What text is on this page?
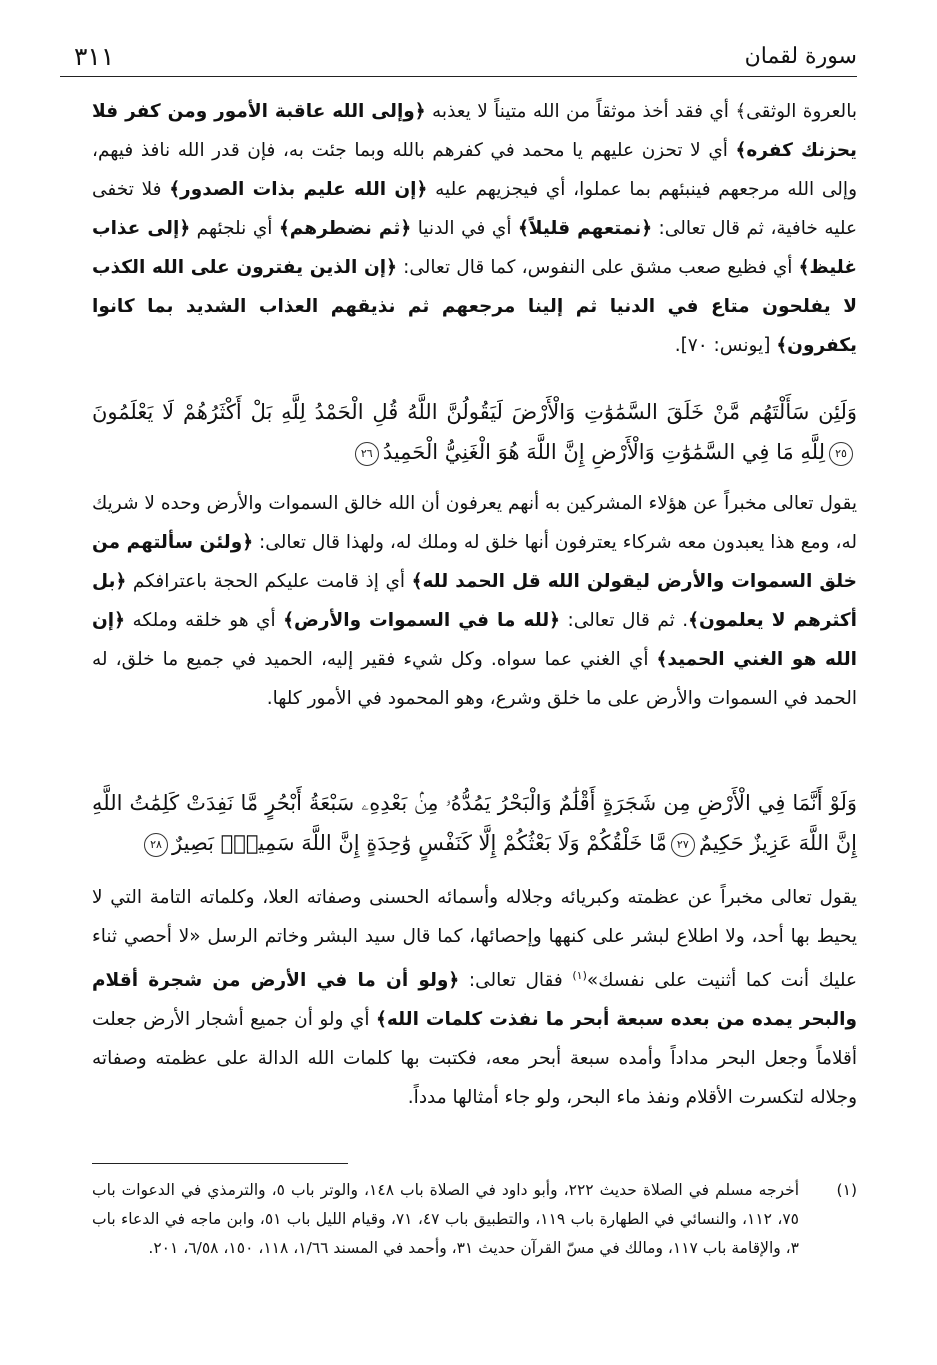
سورة لقمان
٣١١

بالعروة الوثقى﴾ أي فقد أخذ موثقاً من الله متيناً لا يعذبه ﴿وإلى الله عاقبة الأمور ومن كفر فلا يحزنك كفره﴾ أي لا تحزن عليهم يا محمد في كفرهم بالله وبما جئت به، فإن قدر الله نافذ فيهم، وإلى الله مرجعهم فينبئهم بما عملوا، أي فيجزيهم عليه ﴿إن الله عليم بذات الصدور﴾ فلا تخفى عليه خافية، ثم قال تعالى: ﴿نمتعهم قليلاً﴾ أي في الدنيا ﴿ثم نضطرهم﴾ أي نلجئهم ﴿إلى عذاب غليظ﴾ أي فظيع صعب مشق على النفوس، كما قال تعالى: ﴿إن الذين يفترون على الله الكذب لا يفلحون متاع في الدنيا ثم إلينا مرجعهم ثم نذيقهم العذاب الشديد بما كانوا يكفرون﴾ [يونس: ٧٠].

وَلَئِن سَأَلْتَهُم مَّنْ خَلَقَ السَّمَٰوَٰتِ وَالْأَرْضَ لَيَقُولُنَّ اللَّهُ قُلِ الْحَمْدُ لِلَّهِ بَلْ أَكْثَرُهُمْ لَا يَعْلَمُونَ٢٥لِلَّهِ مَا فِي السَّمَٰوَٰتِ وَالْأَرْضِ إِنَّ اللَّهَ هُوَ الْغَنِيُّ الْحَمِيدُ٢٦

يقول تعالى مخبراً عن هؤلاء المشركين به أنهم يعرفون أن الله خالق السموات والأرض وحده لا شريك له، ومع هذا يعبدون معه شركاء يعترفون أنها خلق له وملك له، ولهذا قال تعالى: ﴿ولئن سألتهم من خلق السموات والأرض ليقولن الله قل الحمد لله﴾ أي إذ قامت عليكم الحجة باعترافكم ﴿بل أكثرهم لا يعلمون﴾. ثم قال تعالى: ﴿لله ما في السموات والأرض﴾ أي هو خلقه وملكه ﴿إن الله هو الغني الحميد﴾ أي الغني عما سواه. وكل شيء فقير إليه، الحميد في جميع ما خلق، له الحمد في السموات والأرض على ما خلق وشرع، وهو المحمود في الأمور كلها.

وَلَوْ أَنَّمَا فِي الْأَرْضِ مِن شَجَرَةٍ أَقْلَٰمٌ وَالْبَحْرُ يَمُدُّهُۥ مِنۢ بَعْدِهِۦ سَبْعَةُ أَبْحُرٍ مَّا نَفِدَتْ كَلِمَٰتُ اللَّهِ إِنَّ اللَّهَ عَزِيزٌ حَكِيمٌ٢٧مَّا خَلْقُكُمْ وَلَا بَعْثُكُمْ إِلَّا كَنَفْسٍ وَٰحِدَةٍ إِنَّ اللَّهَ سَمِيعٌۢ بَصِيرٌ٢٨

يقول تعالى مخبراً عن عظمته وكبريائه وجلاله وأسمائه الحسنى وصفاته العلا، وكلماته التامة التي لا يحيط بها أحد، ولا اطلاع لبشر على كنهها وإحصائها، كما قال سيد البشر وخاتم الرسل «لا أحصي ثناء عليك أنت كما أثنيت على نفسك»$^{(١)}$ فقال تعالى: ﴿ولو أن ما في الأرض من شجرة أقلام والبحر يمده من بعده سبعة أبحر ما نفذت كلمات الله﴾ أي ولو أن جميع أشجار الأرض جعلت أقلاماً وجعل البحر مداداً وأمده سبعة أبحر معه، فكتبت بها كلمات الله الدالة على عظمته وصفاته وجلاله لتكسرت الأقلام ونفذ ماء البحر، ولو جاء أمثالها مدداً.

(١)

أخرجه مسلم في الصلاة حديث ٢٢٢، وأبو داود في الصلاة باب ١٤٨، والوتر باب ٥، والترمذي في الدعوات باب ٧٥، ١١٢، والنسائي في الطهارة باب ١١٩، والتطبيق باب ٤٧، ٧١، وقيام الليل باب ٥١، وابن ماجه في الدعاء باب ٣، والإقامة باب ١١٧، ومالك في مسّ القرآن حديث ٣١، وأحمد في المسند ١/٦٦، ١١٨، ١٥٠، ٦/٥٨، ٢٠١.
